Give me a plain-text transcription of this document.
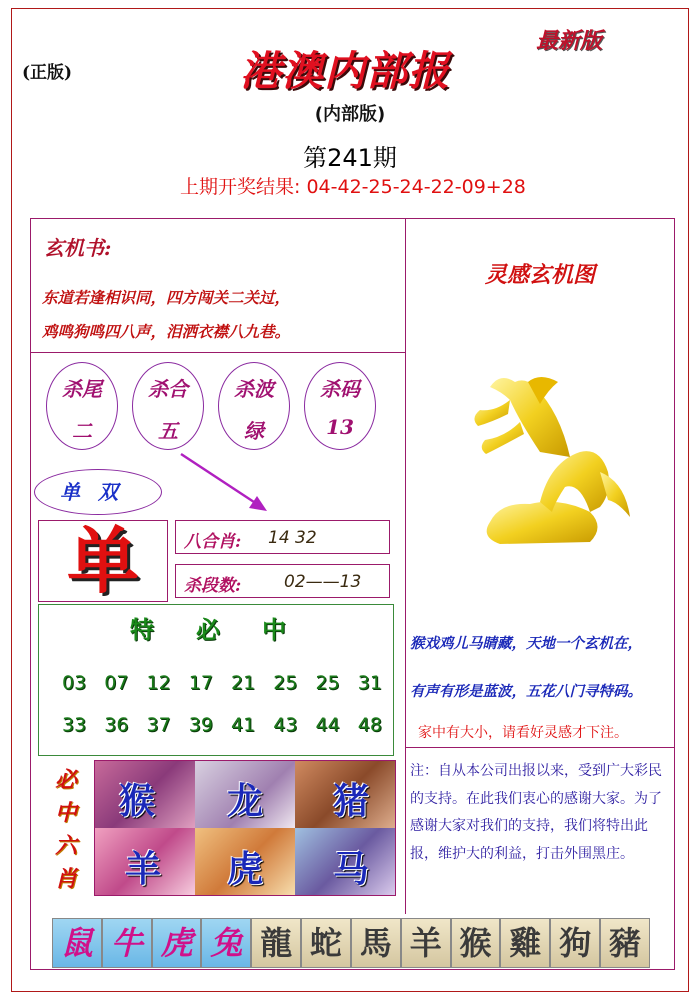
(正版)
最新版
港澳内部报
(内部版)
第241期
上期开奖结果: 04-42-25-24-22-09+28
玄机书:
东道若逢相识同，四方闯关二关过，
鸡鸣狗鸣四八声，泪洒衣襟八九巷。
杀尾
二
杀合
五
杀波
绿
杀码
13
单双
单	八合肖: 14 32
杀段数:	02——13
特必中
03 07 12 17 21 25 25 31
33 36 37 39 41 43 44 48
必
中
六
肖
猴 龙 猪
羊 虎 马
灵感玄机图
猴戏鸡儿马睛藏，天地一个玄机在，
有声有形是蓝波，五花八门寻特码。
家中有大小，请看好灵感才下注。
注：自从本公司出报以来，受到广大彩民的支持。在此我们衷心的感谢大家。为了感谢大家对我们的支持，我们将特出此报，维护大的利益，打击外围黑庄。
鼠 牛 虎 兔 龍 蛇 馬 羊 猴 雞 狗 豬
